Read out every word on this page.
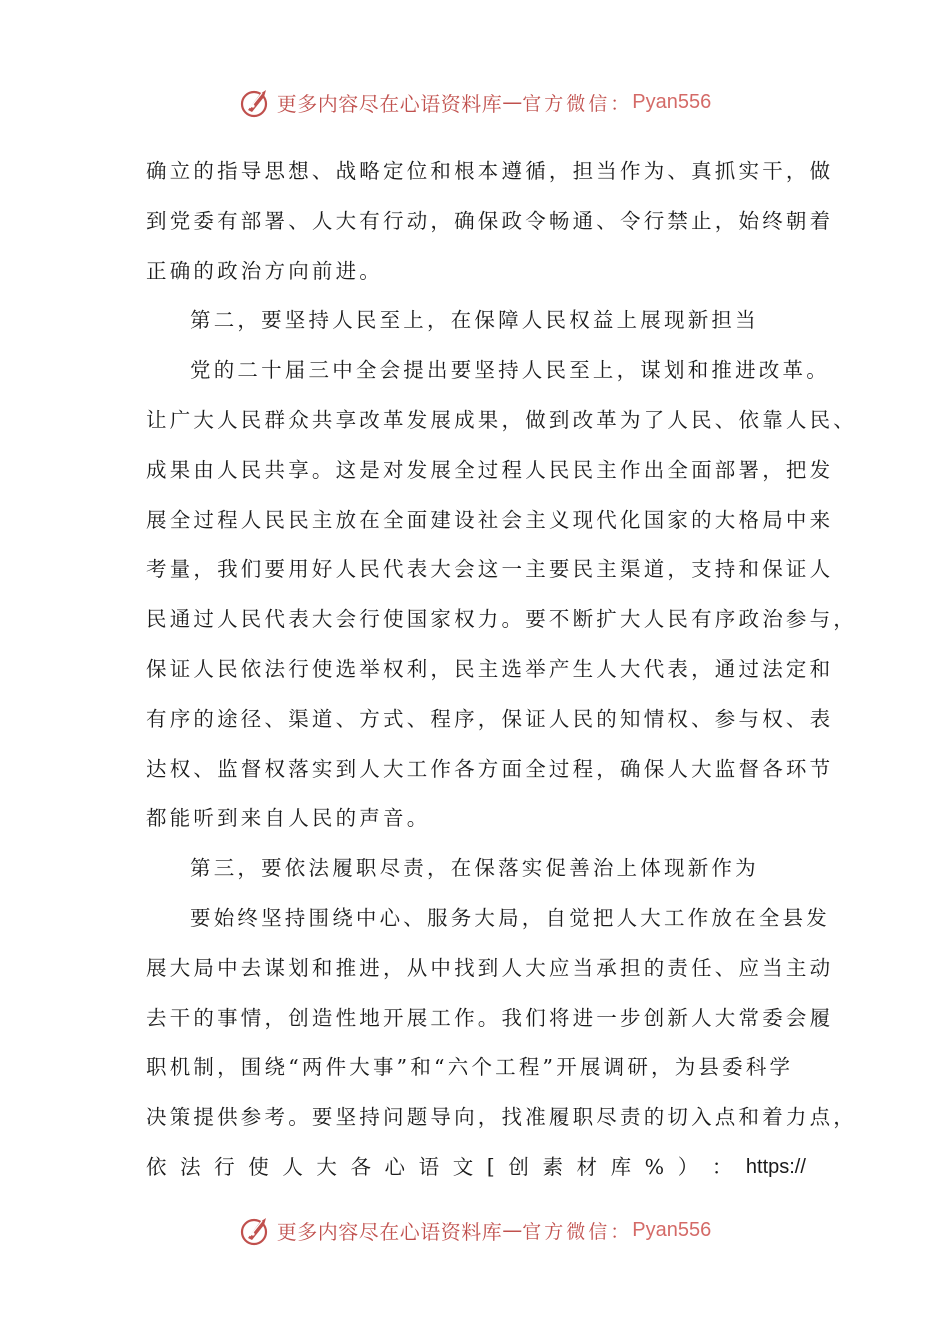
更多内容尽在心语资料库 — 官方微信： Pyan556
确立的指导思想、战略定位和根本遵循，担当作为、真抓实干，做
到党委有部署、人大有行动，确保政令畅通、令行禁止，始终朝着
正确的政治方向前进。
第二，要坚持人民至上，在保障人民权益上展现新担当
党的二十届三中全会提出要坚持人民至上，谋划和推进改革。
让广大人民群众共享改革发展成果，做到改革为了人民、依靠人民、
成果由人民共享。这是对发展全过程人民民主作出全面部署，把发
展全过程人民民主放在全面建设社会主义现代化国家的大格局中来
考量，我们要用好人民代表大会这一主要民主渠道，支持和保证人
民通过人民代表大会行使国家权力。要不断扩大人民有序政治参与，
保证人民依法行使选举权利，民主选举产生人大代表，通过法定和
有序的途径、渠道、方式、程序，保证人民的知情权、参与权、表
达权、监督权落实到人大工作各方面全过程，确保人大监督各环节
都能听到来自人民的声音。
第三，要依法履职尽责，在保落实促善治上体现新作为
要始终坚持围绕中心、服务大局，自觉把人大工作放在全县发
展大局中去谋划和推进，从中找到人大应当承担的责任、应当主动
去干的事情，创造性地开展工作。我们将进一步创新人大常委会履
职机制，围绕“两件大事”和“六个工程”开展调研，为县委科学
决策提供参考。要坚持问题导向，找准履职尽责的切入点和着力点，
依 法 行 使 人 大 各 心 语 文 [ 创 素 材 库 % ） ： https://
更多内容尽在心语资料库 — 官方微信： Pyan556
